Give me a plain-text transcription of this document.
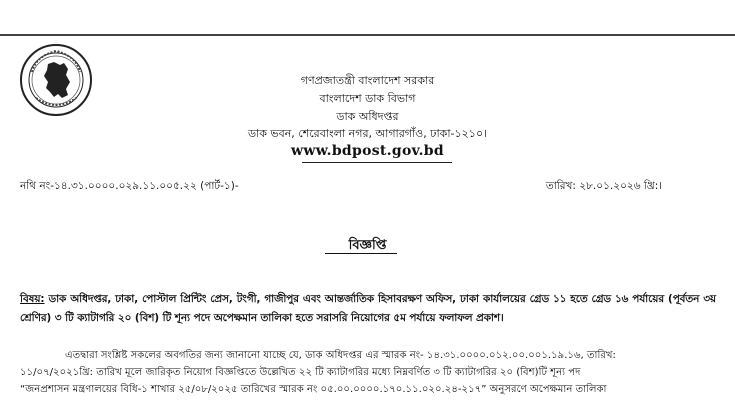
গণপ্রজাতন্ত্রী বাংলাদেশ সরকার
বাংলাদেশ ডাক বিভাগ
ডাক অধিদপ্তর
ডাক ভবন, শেরেবাংলা নগর, আগারগাঁও, ঢাকা-১২১০।
www.bdpost.gov.bd
নথি নং-১৪.৩১.০০০০.০২৯.১১.০০৫.২২ (পার্ট-১)-	তারিখ: ২৮.০১.২০২৬ খ্রি:।
বিজ্ঞপ্তি
বিষয়: ডাক অধিদপ্তর, ঢাকা, পোস্টাল প্রিন্টিং প্রেস, টংগী, গাজীপুর এবং আন্তর্জাতিক হিসাবরক্ষণ অফিস, ঢাকা কার্যালয়ের গ্রেড ১১ হতে গ্রেড ১৬ পর্যায়ের (পূর্বতন ৩য় শ্রেণির) ৩ টি ক্যাটাগরি ২০ (বিশ) টি শূন্য পদে অপেক্ষমান তালিকা হতে সরাসরি নিয়োগের ৫ম পর্যায়ে ফলাফল প্রকাশ।

এতদ্বারা সংশ্লিষ্ট সকলের অবগতির জন্য জানানো যাচ্ছে যে, ডাক অধিদপ্তর এর স্মারক নং- ১৪.৩১.০০০০.০১২.০০.০০১.১৯.১৬, তারিখ:

১১/০৭/২০২১খ্রি: তারিখ মূলে জারিকৃত নিয়োগ বিজ্ঞপ্তিতে উল্লেখিত ২২ টি ক্যাটাগরির মধ্যে নিম্নবর্ণিত ৩ টি ক্যাটাগরির ২০ (বিশ)টি শূন্য পদ

“জনপ্রশাসন মন্ত্রণালয়ের বিধি-১ শাখার ২৫/০৮/২০২৫ তারিখের স্মারক নং ০৫.০০.০০০০.১৭০.১১.০২০.২৪-২১৭” অনুসরণে অপেক্ষমান তালিকা
